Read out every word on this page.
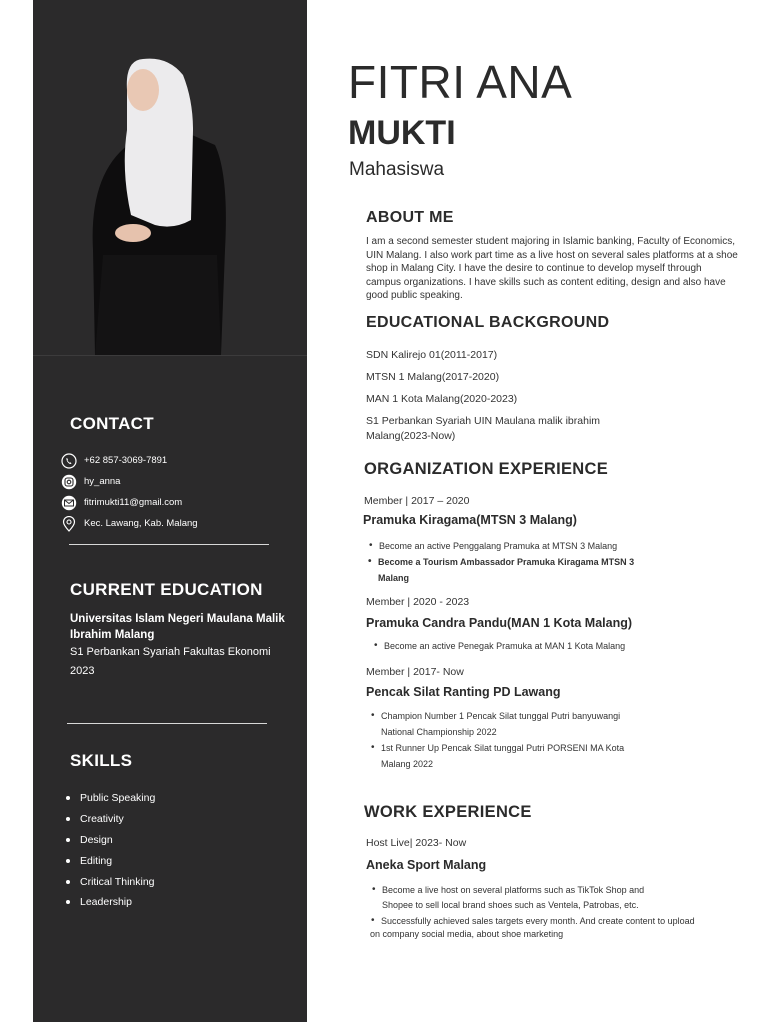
CONTACT
+62 857-3069-7891
hy_anna
fitrimukti11@gmail.com
Kec. Lawang, Kab. Malang
CURRENT EDUCATION
Universitas Islam Negeri Maulana Malik
Ibrahim Malang
S1 Perbankan Syariah Fakultas Ekonomi
2023
SKILLS
Public Speaking
Creativity
Design
Editing
Critical Thinking
Leadership
FITRI ANA
MUKTI
Mahasiswa
ABOUT ME

I am a second semester student majoring in Islamic banking, Faculty of Economics, UIN Malang. I also work part time as a live host on several sales platforms at a shoe shop in Malang City. I have the desire to continue to develop myself through campus organizations. I have skills such as content editing, design and also have good public speaking.

EDUCATIONAL BACKGROUND
SDN Kalirejo 01(2011-2017)
MTSN 1 Malang(2017-2020)
MAN 1 Kota Malang(2020-2023)
S1 Perbankan Syariah UIN Maulana malik ibrahim
Malang(2023-Now)
ORGANIZATION EXPERIENCE
Member | 2017 – 2020
Pramuka Kiragama(MTSN 3 Malang)
• Become an active Penggalang Pramuka at MTSN 3 Malang
• Become a Tourism Ambassador Pramuka Kiragama MTSN 3
Malang
Member | 2020 - 2023
Pramuka Candra Pandu(MAN 1 Kota Malang)
• Become an active Penegak Pramuka at MAN 1 Kota Malang
Member | 2017- Now
Pencak Silat Ranting PD Lawang
• Champion Number 1 Pencak Silat tunggal Putri banyuwangi
National Championship 2022
• 1st Runner Up Pencak Silat tunggal Putri PORSENI MA Kota
Malang 2022
WORK EXPERIENCE
Host Live| 2023- Now
Aneka Sport Malang
• Become a live host on several platforms such as TikTok Shop and
Shopee to sell local brand shoes such as Ventela, Patrobas, etc.
• Successfully achieved sales targets every month. And create content to upload
on company social media, about shoe marketing
